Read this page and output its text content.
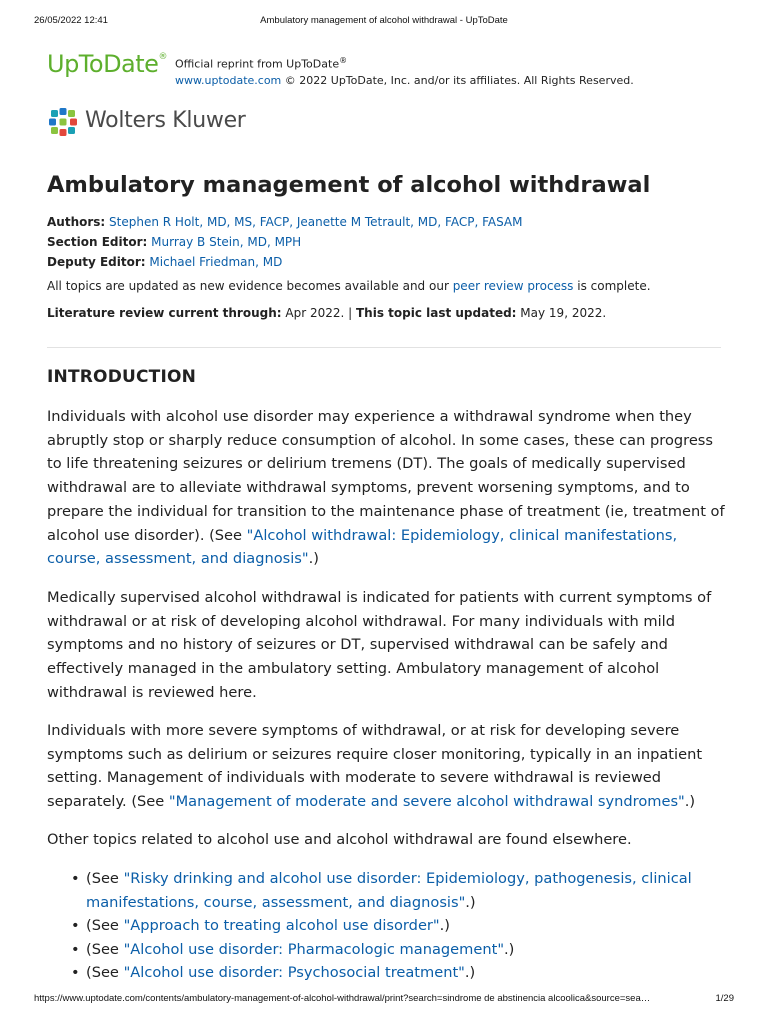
26/05/2022 12:41	Ambulatory management of alcohol withdrawal - UpToDate
UpToDate®
Official reprint from UpToDate®
www.uptodate.com © 2022 UpToDate, Inc. and/or its affiliates. All Rights Reserved.
Wolters Kluwer
Ambulatory management of alcohol withdrawal
Authors: Stephen R Holt, MD, MS, FACP, Jeanette M Tetrault, MD, FACP, FASAM
Section Editor: Murray B Stein, MD, MPH
Deputy Editor: Michael Friedman, MD
All topics are updated as new evidence becomes available and our peer review process is complete.
Literature review current through: Apr 2022. | This topic last updated: May 19, 2022.
INTRODUCTION

Individuals with alcohol use disorder may experience a withdrawal syndrome when they abruptly stop or sharply reduce consumption of alcohol. In some cases, these can progress to life threatening seizures or delirium tremens (DT). The goals of medically supervised withdrawal are to alleviate withdrawal symptoms, prevent worsening symptoms, and to prepare the individual for transition to the maintenance phase of treatment (ie, treatment of alcohol use disorder). (See "Alcohol withdrawal: Epidemiology, clinical manifestations, course, assessment, and diagnosis".)

Medically supervised alcohol withdrawal is indicated for patients with current symptoms of withdrawal or at risk of developing alcohol withdrawal. For many individuals with mild symptoms and no history of seizures or DT, supervised withdrawal can be safely and effectively managed in the ambulatory setting. Ambulatory management of alcohol withdrawal is reviewed here.

Individuals with more severe symptoms of withdrawal, or at risk for developing severe symptoms such as delirium or seizures require closer monitoring, typically in an inpatient setting. Management of individuals with moderate to severe withdrawal is reviewed separately. (See "Management of moderate and severe alcohol withdrawal syndromes".)

Other topics related to alcohol use and alcohol withdrawal are found elsewhere.

• (See "Risky drinking and alcohol use disorder: Epidemiology, pathogenesis, clinical manifestations, course, assessment, and diagnosis".)
• (See "Approach to treating alcohol use disorder".)
• (See "Alcohol use disorder: Pharmacologic management".)
• (See "Alcohol use disorder: Psychosocial treatment".)
https://www.uptodate.com/contents/ambulatory-management-of-alcohol-withdrawal/print?search=sindrome de abstinencia alcoolica&source=sea…	1/29
